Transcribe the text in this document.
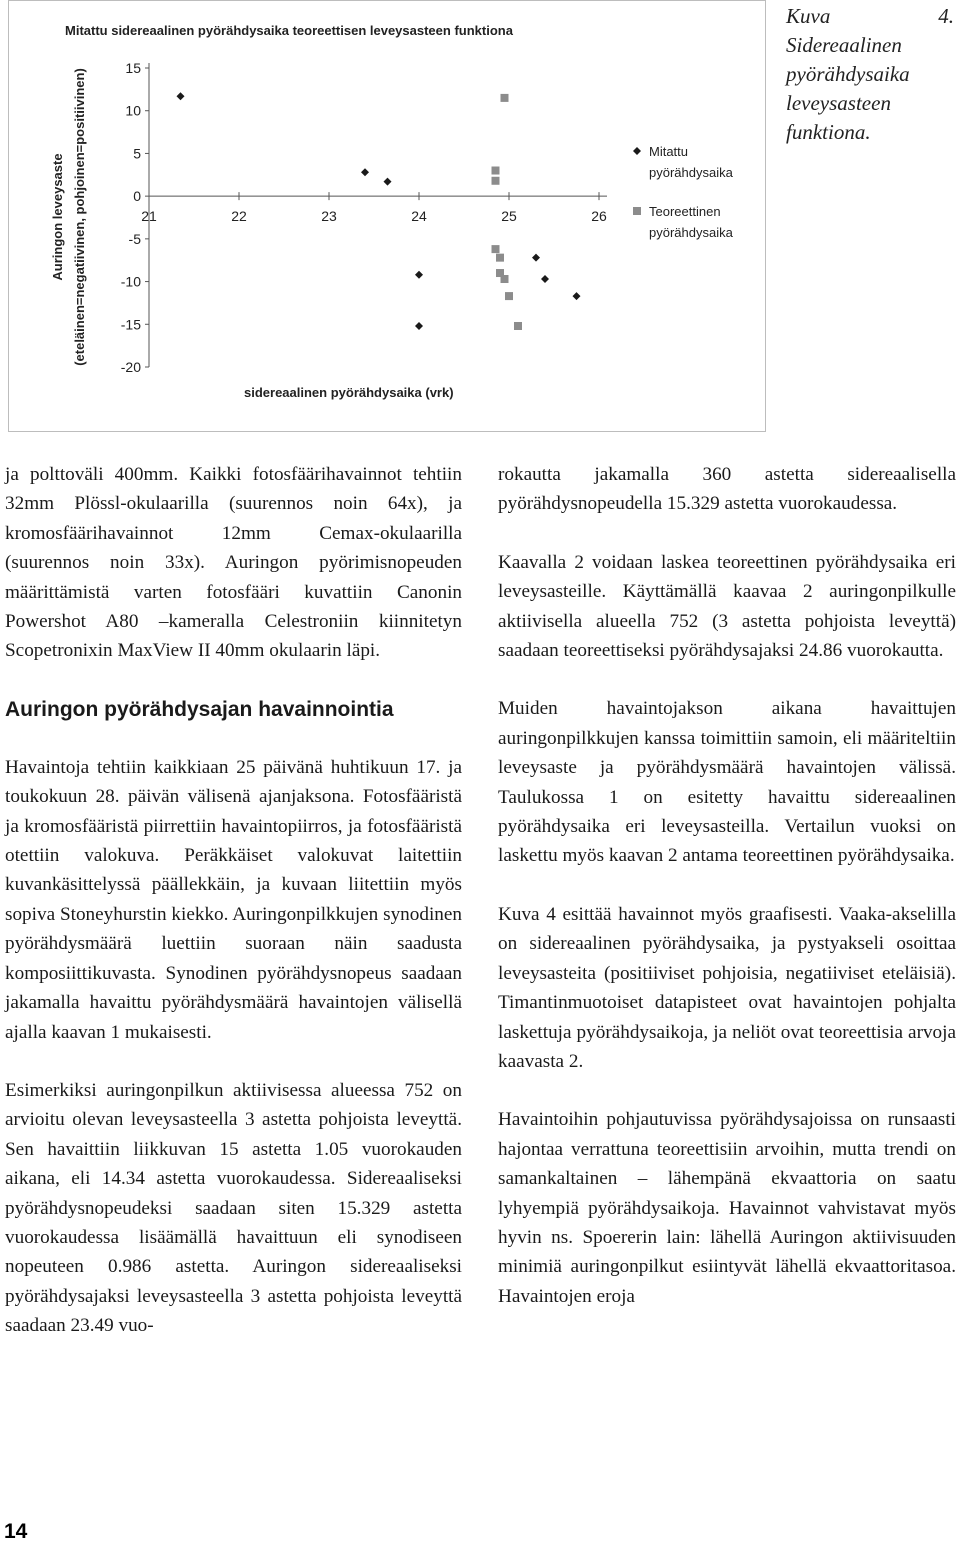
Mitattu sidereaalinen pyörähdysaika teoreettisen leveysasteen funktiona
Auringon leveysaste (eteläinen=negatiivinen, pohjoinen=positiivinen)
sidereaalinen pyörähdysaika (vrk)
15
10
5
0
-5
-10
-15
-20
21	22	23	24	25	26
Mitattu
pyörähdysaika
Teoreettinen
pyörähdysaika
Kuva 4. Sidereaalinen pyörähdysaika leveysasteen funktiona.

ja polttoväli 400mm. Kaikki fotosfäärihavainnot tehtiin 32mm Plössl-okulaarilla (suurennos noin 64x), ja kromosfäärihavainnot 12mm Cemax-okulaarilla (suurennos noin 33x). Auringon pyörimisnopeuden määrittämistä varten fotosfääri kuvattiin Canonin Powershot A80 –kameralla Celestroniin kiinnitetyn Scopetronixin MaxView II 40mm okulaarin läpi.

Auringon pyörähdysajan havainnointia

Havaintoja tehtiin kaikkiaan 25 päivänä huhtikuun 17. ja toukokuun 28. päivän välisenä ajanjaksona. Fotosfääristä ja kromosfääristä piirrettiin havaintopiirros, ja fotosfääristä otettiin valokuva. Peräkkäiset valokuvat laitettiin kuvankäsittelyssä päällekkäin, ja kuvaan liitettiin myös sopiva Stoneyhurstin kiekko. Auringonpilkkujen synodinen pyörähdysmäärä luettiin suoraan näin saadusta komposiittikuvasta. Synodinen pyörähdysnopeus saadaan jakamalla havaittu pyörähdysmäärä havaintojen välisellä ajalla kaavan 1 mukaisesti.

Esimerkiksi auringonpilkun aktiivisessa alueessa 752 on arvioitu olevan leveysasteella 3 astetta pohjoista leveyttä. Sen havaittiin liikkuvan 15 astetta 1.05 vuorokauden aikana, eli 14.34 astetta vuorokaudessa. Sidereaaliseksi pyörähdysnopeudeksi saadaan siten 15.329 astetta vuorokaudessa lisäämällä havaittuun eli synodiseen nopeuteen 0.986 astetta. Auringon sidereaaliseksi pyörähdysajaksi leveysasteella 3 astetta pohjoista leveyttä saadaan 23.49 vuo-

rokautta jakamalla 360 astetta sidereaalisella pyörähdysnopeudella 15.329 astetta vuorokaudessa.

Kaavalla 2 voidaan laskea teoreettinen pyörähdysaika eri leveysasteille. Käyttämällä kaavaa 2 auringonpilkulle aktiivisella alueella 752 (3 astetta pohjoista leveyttä) saadaan teoreettiseksi pyörähdysajaksi 24.86 vuorokautta.

Muiden havaintojakson aikana havaittujen auringonpilkkujen kanssa toimittiin samoin, eli määriteltiin leveysaste ja pyörähdysmäärä havaintojen välissä. Taulukossa 1 on esitetty havaittu sidereaalinen pyörähdysaika eri leveysasteilla. Vertailun vuoksi on laskettu myös kaavan 2 antama teoreettinen pyörähdysaika.

Kuva 4 esittää havainnot myös graafisesti. Vaaka-akselilla on sidereaalinen pyörähdysaika, ja pystyakseli osoittaa leveysasteita (positiiviset pohjoisia, negatiiviset eteläisiä). Timantinmuotoiset datapisteet ovat havaintojen pohjalta laskettuja pyörähdysaikoja, ja neliöt ovat teoreettisia arvoja kaavasta 2.

Havaintoihin pohjautuvissa pyörähdysajoissa on runsaasti hajontaa verrattuna teoreettisiin arvoihin, mutta trendi on samankaltainen – lähempänä ekvaattoria on saatu lyhyempiä pyörähdysaikoja. Havainnot vahvistavat myös hyvin ns. Spoererin lain: lähellä Auringon aktiivisuuden minimiä auringonpilkut esiintyvät lähellä ekvaattoritasoa. Havaintojen eroja

14
